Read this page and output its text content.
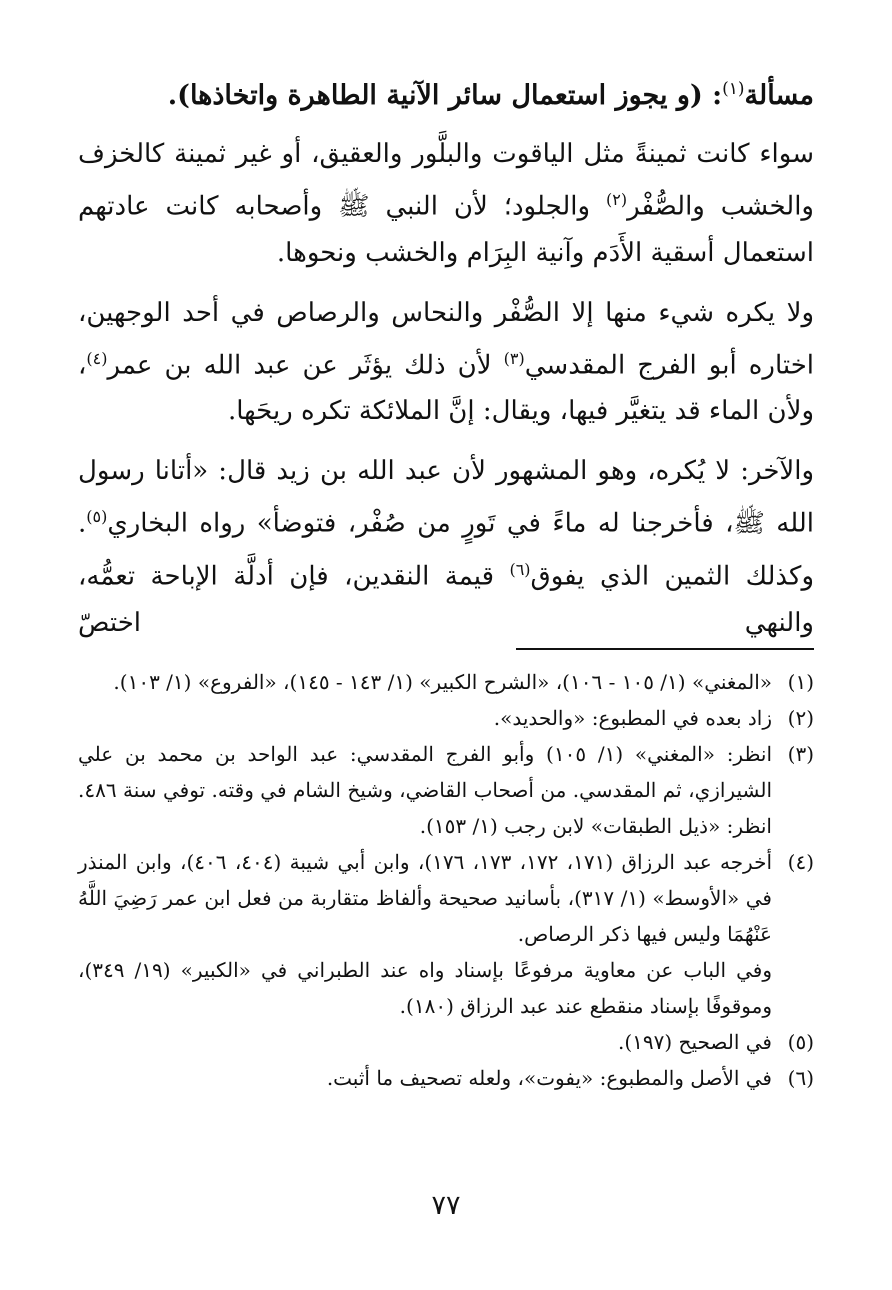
مسألة$^{(١)}$: (و يجوز استعمال سائر الآنية الطاهرة واتخاذها).

سواء كانت ثمينةً مثل الياقوت والبلَّور والعقيق، أو غير ثمينة كالخزف والخشب والصُّفْر$^{(٢)}$ والجلود؛ لأن النبي ﷺ وأصحابه كانت عادتهم استعمال أسقية الأَدَم وآنية البِرَام والخشب ونحوها.

ولا يكره شيء منها إلا الصُّفْر والنحاس والرصاص في أحد الوجهين، اختاره أبو الفرج المقدسي$^{(٣)}$ لأن ذلك يؤثَر عن عبد الله بن عمر$^{(٤)}$، ولأن الماء قد يتغيَّر فيها، ويقال: إنَّ الملائكة تكره ريحَها.

والآخر: لا يُكره، وهو المشهور لأن عبد الله بن زيد قال: «أتانا رسول الله ﷺ، فأخرجنا له ماءً في تَورٍ من صُفْر، فتوضأ» رواه البخاري$^{(٥)}$. وكذلك الثمين الذي يفوق$^{(٦)}$ قيمة النقدين، فإن أدلَّة الإباحة تعمُّه، والنهي اختصّ

(١)
«المغني» (١/ ١٠٥ - ١٠٦)، «الشرح الكبير» (١/ ١٤٣ - ١٤٥)، «الفروع» (١/ ١٠٣).
(٢)
زاد بعده في المطبوع: «والحديد».
(٣)
انظر: «المغني» (١/ ١٠٥) وأبو الفرج المقدسي: عبد الواحد بن محمد بن علي الشيرازي، ثم المقدسي. من أصحاب القاضي، وشيخ الشام في وقته. توفي سنة ٤٨٦. انظر: «ذيل الطبقات» لابن رجب (١/ ١٥٣).
(٤)
أخرجه عبد الرزاق (١٧١، ١٧٢، ١٧٣، ١٧٦)، وابن أبي شيبة (٤٠٤، ٤٠٦)، وابن المنذر في «الأوسط» (١/ ٣١٧)، بأسانيد صحيحة وألفاظ متقاربة من فعل ابن عمر رَضِيَ اللَّهُ عَنْهُمَا وليس فيها ذكر الرصاص.
وفي الباب عن معاوية مرفوعًا بإسناد واه عند الطبراني في «الكبير» (١٩/ ٣٤٩)، وموقوفًا بإسناد منقطع عند عبد الرزاق (١٨٠).
(٥)
في الصحيح (١٩٧).
(٦)
في الأصل والمطبوع: «يفوت»، ولعله تصحيف ما أثبت.
٧٧
